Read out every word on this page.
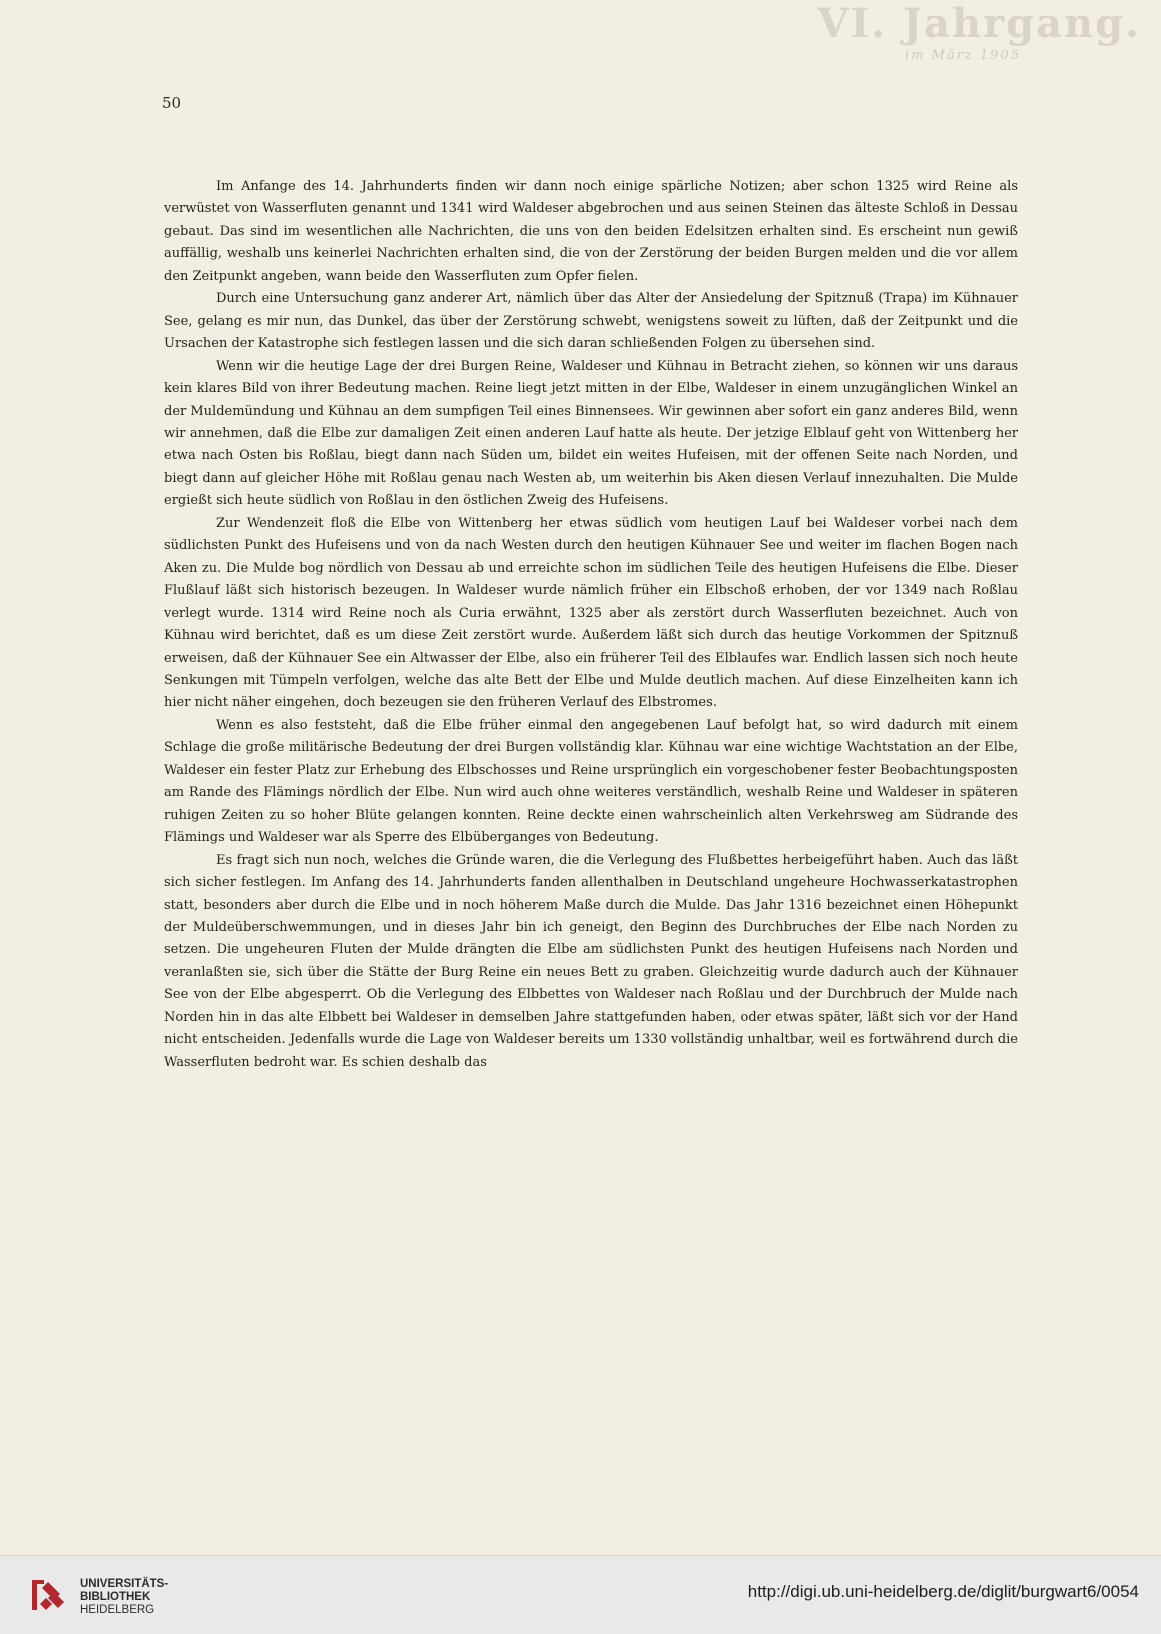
VI. Jahrgang.
im März 1905
50

Im Anfange des 14. Jahrhunderts finden wir dann noch einige spärliche Notizen; aber schon 1325 wird Reine als verwüstet von Wasserfluten genannt und 1341 wird Waldeser abgebrochen und aus seinen Steinen das älteste Schloß in Dessau gebaut. Das sind im wesentlichen alle Nachrichten, die uns von den beiden Edelsitzen erhalten sind. Es erscheint nun gewiß auffällig, weshalb uns keinerlei Nachrichten erhalten sind, die von der Zerstörung der beiden Burgen melden und die vor allem den Zeitpunkt angeben, wann beide den Wasserfluten zum Opfer fielen.

Durch eine Untersuchung ganz anderer Art, nämlich über das Alter der Ansiedelung der Spitznuß (Trapa) im Kühnauer See, gelang es mir nun, das Dunkel, das über der Zerstörung schwebt, wenigstens soweit zu lüften, daß der Zeitpunkt und die Ursachen der Katastrophe sich festlegen lassen und die sich daran schließenden Folgen zu übersehen sind.

Wenn wir die heutige Lage der drei Burgen Reine, Waldeser und Kühnau in Betracht ziehen, so können wir uns daraus kein klares Bild von ihrer Bedeutung machen. Reine liegt jetzt mitten in der Elbe, Waldeser in einem unzugänglichen Winkel an der Muldemündung und Kühnau an dem sumpfigen Teil eines Binnensees. Wir gewinnen aber sofort ein ganz anderes Bild, wenn wir annehmen, daß die Elbe zur damaligen Zeit einen anderen Lauf hatte als heute. Der jetzige Elblauf geht von Wittenberg her etwa nach Osten bis Roßlau, biegt dann nach Süden um, bildet ein weites Hufeisen, mit der offenen Seite nach Norden, und biegt dann auf gleicher Höhe mit Roßlau genau nach Westen ab, um weiterhin bis Aken diesen Verlauf innezuhalten. Die Mulde ergießt sich heute südlich von Roßlau in den östlichen Zweig des Hufeisens.

Zur Wendenzeit floß die Elbe von Wittenberg her etwas südlich vom heutigen Lauf bei Waldeser vorbei nach dem südlichsten Punkt des Hufeisens und von da nach Westen durch den heutigen Kühnauer See und weiter im flachen Bogen nach Aken zu. Die Mulde bog nördlich von Dessau ab und erreichte schon im südlichen Teile des heutigen Hufeisens die Elbe. Dieser Flußlauf läßt sich historisch bezeugen. In Waldeser wurde nämlich früher ein Elbschoß erhoben, der vor 1349 nach Roßlau verlegt wurde. 1314 wird Reine noch als Curia erwähnt, 1325 aber als zerstört durch Wasserfluten bezeichnet. Auch von Kühnau wird berichtet, daß es um diese Zeit zerstört wurde. Außerdem läßt sich durch das heutige Vorkommen der Spitznuß erweisen, daß der Kühnauer See ein Altwasser der Elbe, also ein früherer Teil des Elblaufes war. Endlich lassen sich noch heute Senkungen mit Tümpeln verfolgen, welche das alte Bett der Elbe und Mulde deutlich machen. Auf diese Einzelheiten kann ich hier nicht näher eingehen, doch bezeugen sie den früheren Verlauf des Elbstromes.

Wenn es also feststeht, daß die Elbe früher einmal den angegebenen Lauf befolgt hat, so wird dadurch mit einem Schlage die große militärische Bedeutung der drei Burgen vollständig klar. Kühnau war eine wichtige Wachtstation an der Elbe, Waldeser ein fester Platz zur Erhebung des Elbschosses und Reine ursprünglich ein vorgeschobener fester Beobachtungsposten am Rande des Flämings nördlich der Elbe. Nun wird auch ohne weiteres verständlich, weshalb Reine und Waldeser in späteren ruhigen Zeiten zu so hoher Blüte gelangen konnten. Reine deckte einen wahrscheinlich alten Verkehrsweg am Südrande des Flämings und Waldeser war als Sperre des Elbüberganges von Bedeutung.

Es fragt sich nun noch, welches die Gründe waren, die die Verlegung des Flußbettes herbeigeführt haben. Auch das läßt sich sicher festlegen. Im Anfang des 14. Jahrhunderts fanden allenthalben in Deutschland ungeheure Hochwasserkatastrophen statt, besonders aber durch die Elbe und in noch höherem Maße durch die Mulde. Das Jahr 1316 bezeichnet einen Höhepunkt der Muldeüberschwemmungen, und in dieses Jahr bin ich geneigt, den Beginn des Durchbruches der Elbe nach Norden zu setzen. Die ungeheuren Fluten der Mulde drängten die Elbe am südlichsten Punkt des heutigen Hufeisens nach Norden und veranlaßten sie, sich über die Stätte der Burg Reine ein neues Bett zu graben. Gleichzeitig wurde dadurch auch der Kühnauer See von der Elbe abgesperrt. Ob die Verlegung des Elbbettes von Waldeser nach Roßlau und der Durchbruch der Mulde nach Norden hin in das alte Elbbett bei Waldeser in demselben Jahre stattgefunden haben, oder etwas später, läßt sich vor der Hand nicht entscheiden. Jedenfalls wurde die Lage von Waldeser bereits um 1330 vollständig unhaltbar, weil es fortwährend durch die Wasserfluten bedroht war. Es schien deshalb das

UNIVERSITÄTS-
BIBLIOTHEK
HEIDELBERG
http://digi.ub.uni-heidelberg.de/diglit/burgwart6/0054
